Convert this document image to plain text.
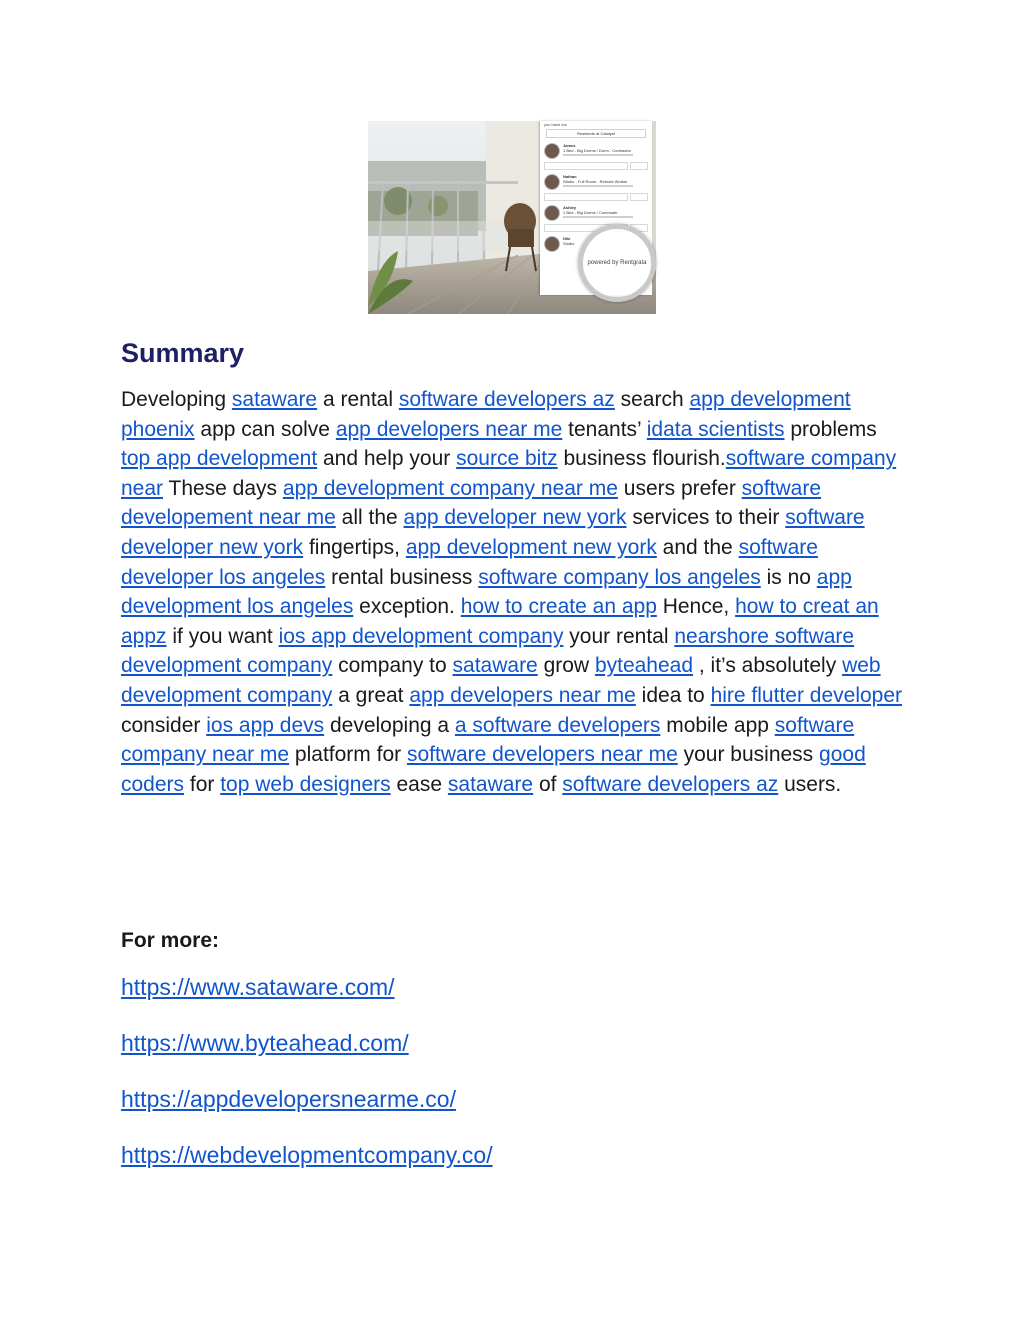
you have fun
Residents at Catalyst
James
1 Bed - Big Dorms / Dorm - Contractor
Nathan
Studio - Full Room - Remote Worker
Ashley
1 Bed - Big Dorms / Commuter
Niki
Studio
powered by Rentgrata
Summary

Developing sataware a rental software developers az search app development phoenix app can solve app developers near me tenants’ idata scientists problems top app development and help your source bitz business flourish.software company near These days app development company near me users prefer software developement near me all the app developer new york services to their software developer new york fingertips, app development new york and the software developer los angeles rental business software company los angeles is no app development los angeles exception. how to create an app Hence, how to creat an appz if you want ios app development company your rental nearshore software development company company to sataware grow byteahead , it’s absolutely web development company a great app developers near me idea to hire flutter developer consider ios app devs developing a a software developers mobile app software company near me platform for software developers near me your business good coders for top web designers ease sataware of software developers az users.

For more:
https://www.sataware.com/
https://www.byteahead.com/
https://appdevelopersnearme.co/
https://webdevelopmentcompany.co/
